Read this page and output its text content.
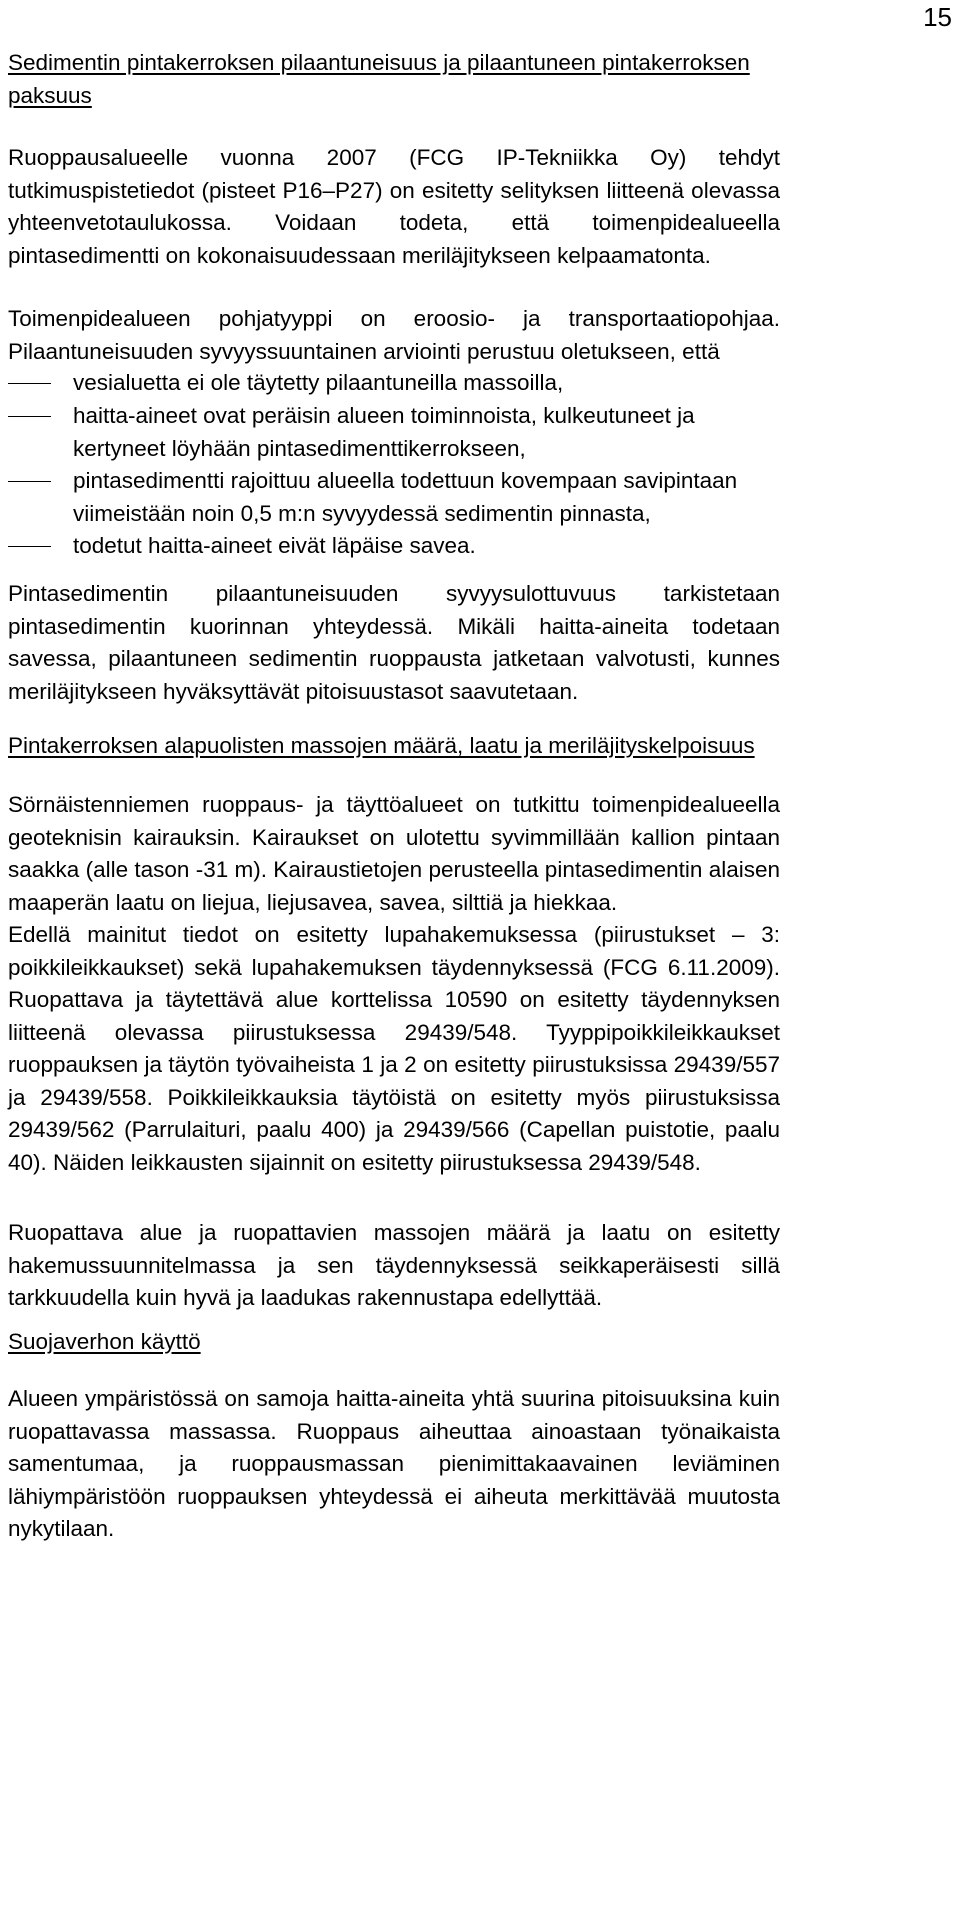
15

Sedimentin pintakerroksen pilaantuneisuus ja pilaantuneen pintakerroksen paksuus

Ruoppausalueelle vuonna 2007 (FCG IP-Tekniikka Oy) tehdyt tutkimuspistetiedot (pisteet P16–P27) on esitetty selityksen liitteenä olevassa yhteenvetotaulukossa. Voidaan todeta, että toimenpidealueella pintasedimentti on kokonaisuudessaan meriläjitykseen kelpaamatonta.

Toimenpidealueen pohjatyyppi on eroosio- ja transportaatiopohjaa. Pilaantuneisuuden syvyyssuuntainen arviointi perustuu oletukseen, että

vesialuetta ei ole täytetty pilaantuneilla massoilla,

haitta-aineet ovat peräisin alueen toiminnoista, kulkeutuneet ja kertyneet löyhään pintasedimenttikerrokseen,

pintasedimentti rajoittuu alueella todettuun kovempaan savipintaan viimeistään noin 0,5 m:n syvyydessä sedimentin pinnasta,

todetut haitta-aineet eivät läpäise savea.

Pintasedimentin pilaantuneisuuden syvyysulottuvuus tarkistetaan pintasedimentin kuorinnan yhteydessä. Mikäli haitta-aineita todetaan savessa, pilaantuneen sedimentin ruoppausta jatketaan valvotusti, kunnes meriläjitykseen hyväksyttävät pitoisuustasot saavutetaan.

Pintakerroksen alapuolisten massojen määrä, laatu ja meriläjityskelpoisuus

Sörnäistenniemen ruoppaus- ja täyttöalueet on tutkittu toimenpidealueella geoteknisin kairauksin. Kairaukset on ulotettu syvimmillään kallion pintaan saakka (alle tason -31 m). Kairaustietojen perusteella pintasedimentin alaisen maaperän laatu on liejua, liejusavea, savea, silttiä ja hiekkaa.

Edellä mainitut tiedot on esitetty lupahakemuksessa (piirustukset – 3: poikkileikkaukset) sekä lupahakemuksen täydennyksessä (FCG 6.11.2009). Ruopattava ja täytettävä alue korttelissa 10590 on esitetty täydennyksen liitteenä olevassa piirustuksessa 29439/548. Tyyppipoikkileikkaukset ruoppauksen ja täytön työvaiheista 1 ja 2 on esitetty piirustuksissa 29439/557 ja 29439/558. Poikkileikkauksia täytöistä on esitetty myös piirustuksissa 29439/562 (Parrulaituri, paalu 400) ja 29439/566 (Capellan puistotie, paalu 40). Näiden leikkausten sijainnit on esitetty piirustuksessa 29439/548.

Ruopattava alue ja ruopattavien massojen määrä ja laatu on esitetty hakemussuunnitelmassa ja sen täydennyksessä seikkaperäisesti sillä tarkkuudella kuin hyvä ja laadukas rakennustapa edellyttää.

Suojaverhon käyttö

Alueen ympäristössä on samoja haitta-aineita yhtä suurina pitoisuuksina kuin ruopattavassa massassa. Ruoppaus aiheuttaa ainoastaan työnaikaista samentumaa, ja ruoppausmassan pienimittakaavainen leviäminen lähiympäristöön ruoppauksen yhteydessä ei aiheuta merkittävää muutosta nykytilaan.
